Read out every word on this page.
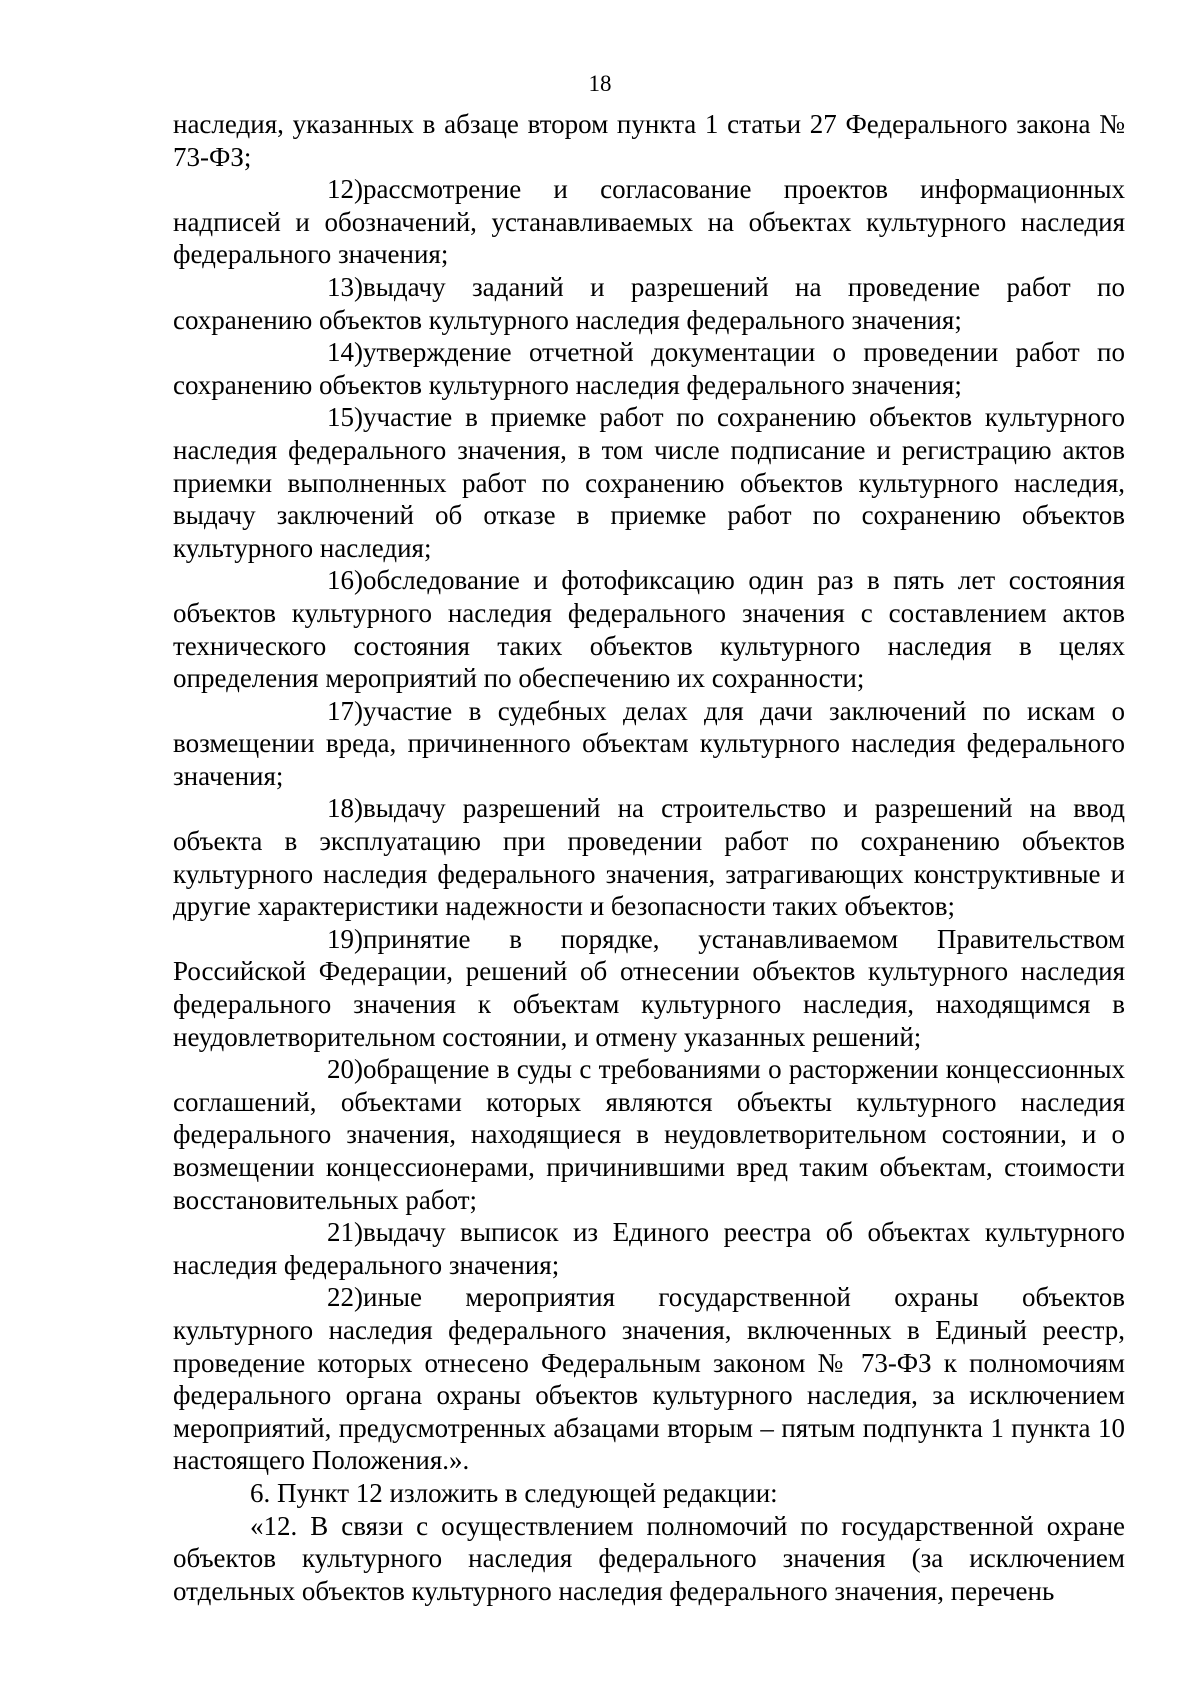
18

наследия, указанных в абзаце втором пункта 1 статьи 27 Федерального закона № 73-ФЗ;

12)рассмотрение и согласование проектов информационных надписей и обозначений, устанавливаемых на объектах культурного наследия федерального значения;

13)выдачу заданий и разрешений на проведение работ по сохранению объектов культурного наследия федерального значения;

14)утверждение отчетной документации о проведении работ по сохранению объектов культурного наследия федерального значения;

15)участие в приемке работ по сохранению объектов культурного наследия федерального значения, в том числе подписание и регистрацию актов приемки выполненных работ по сохранению объектов культурного наследия, выдачу заключений об отказе в приемке работ по сохранению объектов культурного наследия;

16)обследование и фотофиксацию один раз в пять лет состояния объектов культурного наследия федерального значения с составлением актов технического состояния таких объектов культурного наследия в целях определения мероприятий по обеспечению их сохранности;

17)участие в судебных делах для дачи заключений по искам о возмещении вреда, причиненного объектам культурного наследия федерального значения;

18)выдачу разрешений на строительство и разрешений на ввод объекта в эксплуатацию при проведении работ по сохранению объектов культурного наследия федерального значения, затрагивающих конструктивные и другие характеристики надежности и безопасности таких объектов;

19)принятие в порядке, устанавливаемом Правительством Российской Федерации, решений об отнесении объектов культурного наследия федерального значения к объектам культурного наследия, находящимся в неудовлетворительном состоянии, и отмену указанных решений;

20)обращение в суды с требованиями о расторжении концессионных соглашений, объектами которых являются объекты культурного наследия федерального значения, находящиеся в неудовлетворительном состоянии, и о возмещении концессионерами, причинившими вред таким объектам, стоимости восстановительных работ;

21)выдачу выписок из Единого реестра об объектах культурного наследия федерального значения;

22)иные мероприятия государственной охраны объектов культурного наследия федерального значения, включенных в Единый реестр, проведение которых отнесено Федеральным законом № 73-ФЗ к полномочиям федерального органа охраны объектов культурного наследия, за исключением мероприятий, предусмотренных абзацами вторым – пятым подпункта 1 пункта 10 настоящего Положения.».

6. Пункт 12 изложить в следующей редакции:

«12. В связи с осуществлением полномочий по государственной охране объектов культурного наследия федерального значения (за исключением отдельных объектов культурного наследия федерального значения, перечень
